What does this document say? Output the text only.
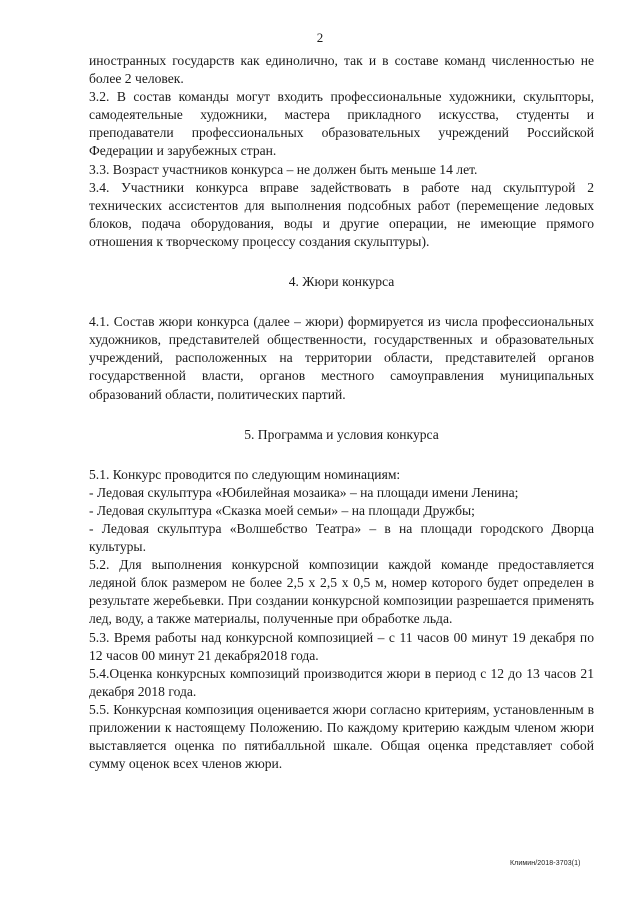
2

иностранных государств как единолично, так и в составе команд численностью не более 2 человек.

3.2. В состав команды могут входить профессиональные художники, скульпторы, самодеятельные художники, мастера прикладного искусства, студенты и преподаватели профессиональных образовательных учреждений Российской Федерации и зарубежных стран.

3.3. Возраст участников конкурса – не должен быть меньше 14 лет.

3.4. Участники конкурса вправе задействовать в работе над скульптурой 2 технических ассистентов для выполнения подсобных работ (перемещение ледовых блоков, подача оборудования, воды и другие операции, не имеющие прямого отношения к творческому процессу создания скульптуры).

4. Жюри конкурса

4.1. Состав жюри конкурса (далее – жюри) формируется из числа профессиональных художников, представителей общественности, государственных и образовательных учреждений, расположенных на территории области, представителей органов государственной власти, органов местного самоуправления муниципальных образований области, политических партий.

5. Программа и условия конкурса

5.1. Конкурс проводится по следующим номинациям:

- Ледовая скульптура «Юбилейная мозаика» – на площади имени Ленина;

- Ледовая скульптура «Сказка моей семьи» – на площади Дружбы;

- Ледовая скульптура «Волшебство Театра» – в на площади городского Дворца культуры.

5.2. Для выполнения конкурсной композиции каждой команде предоставляется ледяной блок размером не более 2,5 х 2,5 х 0,5 м, номер которого будет определен в результате жеребьевки. При создании конкурсной композиции разрешается применять лед, воду, а также материалы, полученные при обработке льда.

5.3. Время работы над конкурсной композицией – с 11 часов 00 минут 19 декабря по 12 часов 00 минут 21 декабря2018 года.

5.4.Оценка конкурсных композиций производится жюри в период с 12 до 13 часов 21 декабря 2018 года.

5.5. Конкурсная композиция оценивается жюри согласно критериям, установленным в приложении к настоящему Положению. По каждому критерию каждым членом жюри выставляется оценка по пятибалльной шкале. Общая оценка представляет собой сумму оценок всех членов жюри.

Климин/2018-3703(1)
